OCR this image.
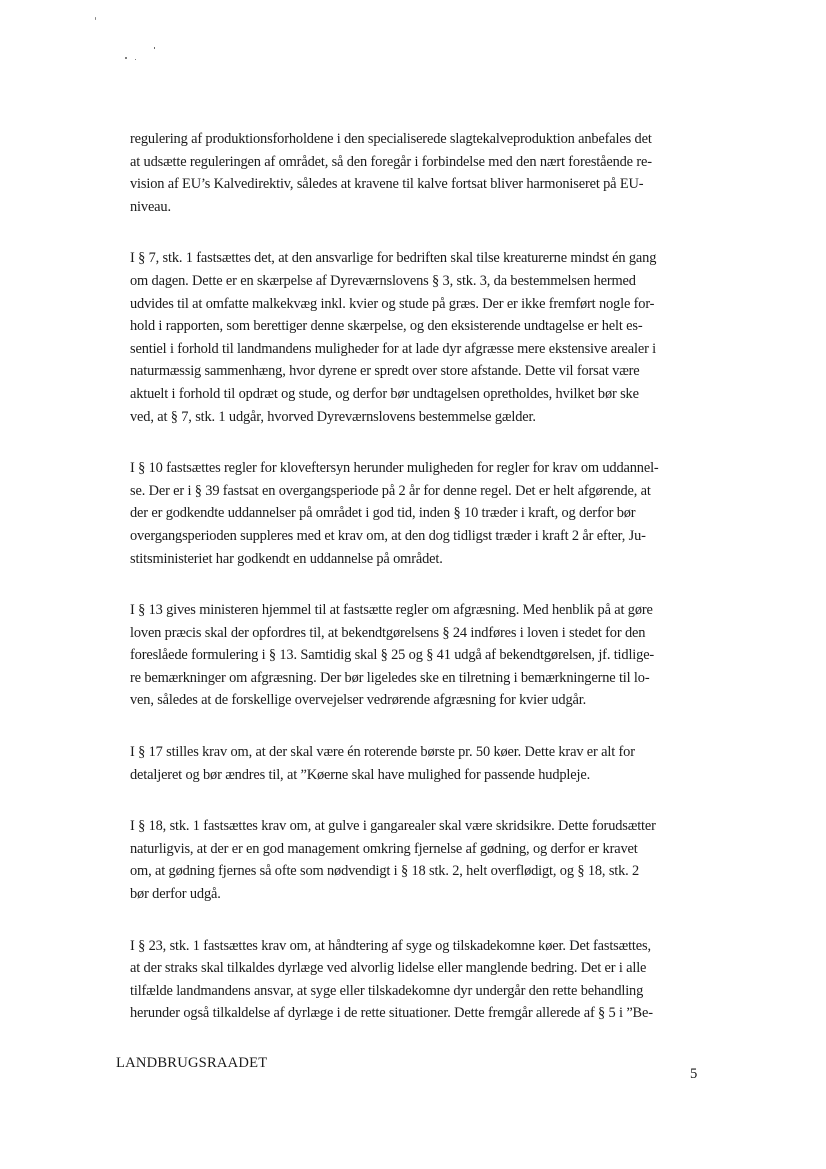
regulering af produktionsforholdene i den specialiserede slagtekalveproduktion anbefales det
at udsætte reguleringen af området, så den foregår i forbindelse med den nært forestående re-
vision af EU’s Kalvedirektiv, således at kravene til kalve fortsat bliver harmoniseret på EU-
niveau.

I § 7, stk. 1 fastsættes det, at den ansvarlige for bedriften skal tilse kreaturerne mindst én gang
om dagen. Dette er en skærpelse af Dyreværnslovens § 3, stk. 3, da bestemmelsen hermed
udvides til at omfatte malkekvæg inkl. kvier og stude på græs. Der er ikke fremført nogle for-
hold i rapporten, som berettiger denne skærpelse, og den eksisterende undtagelse er helt es-
sentiel i forhold til landmandens muligheder for at lade dyr afgræsse mere ekstensive arealer i
naturmæssig sammenhæng, hvor dyrene er spredt over store afstande. Dette vil forsat være
aktuelt i forhold til opdræt og stude, og derfor bør undtagelsen opretholdes, hvilket bør ske
ved, at § 7, stk. 1 udgår, hvorved Dyreværnslovens bestemmelse gælder.

I § 10 fastsættes regler for kloveftersyn herunder muligheden for regler for krav om uddannel-
se. Der er i § 39 fastsat en overgangsperiode på 2 år for denne regel. Det er helt afgørende, at
der er godkendte uddannelser på området i god tid, inden § 10 træder i kraft, og derfor bør
overgangsperioden suppleres med et krav om, at den dog tidligst træder i kraft 2 år efter, Ju-
stitsministeriet har godkendt en uddannelse på området.

I § 13 gives ministeren hjemmel til at fastsætte regler om afgræsning. Med henblik på at gøre
loven præcis skal der opfordres til, at bekendtgørelsens § 24 indføres i loven i stedet for den
foreslåede formulering i § 13. Samtidig skal § 25 og § 41 udgå af bekendtgørelsen, jf. tidlige-
re bemærkninger om afgræsning. Der bør ligeledes ske en tilretning i bemærkningerne til lo-
ven, således at de forskellige overvejelser vedrørende afgræsning for kvier udgår.

I § 17 stilles krav om, at der skal være én roterende børste pr. 50 køer. Dette krav er alt for
detaljeret og bør ændres til, at ”Køerne skal have mulighed for passende hudpleje.

I § 18, stk. 1 fastsættes krav om, at gulve i gangarealer skal være skridsikre. Dette forudsætter
naturligvis, at der er en god management omkring fjernelse af gødning, og derfor er kravet
om, at gødning fjernes så ofte som nødvendigt i § 18 stk. 2, helt overflødigt, og § 18, stk. 2
bør derfor udgå.

I § 23, stk. 1 fastsættes krav om, at håndtering af syge og tilskadekomne køer. Det fastsættes,
at der straks skal tilkaldes dyrlæge ved alvorlig lidelse eller manglende bedring. Det er i alle
tilfælde landmandens ansvar, at syge eller tilskadekomne dyr undergår den rette behandling
herunder også tilkaldelse af dyrlæge i de rette situationer. Dette fremgår allerede af § 5 i ”Be-

LANDBRUGSRAADET
5
